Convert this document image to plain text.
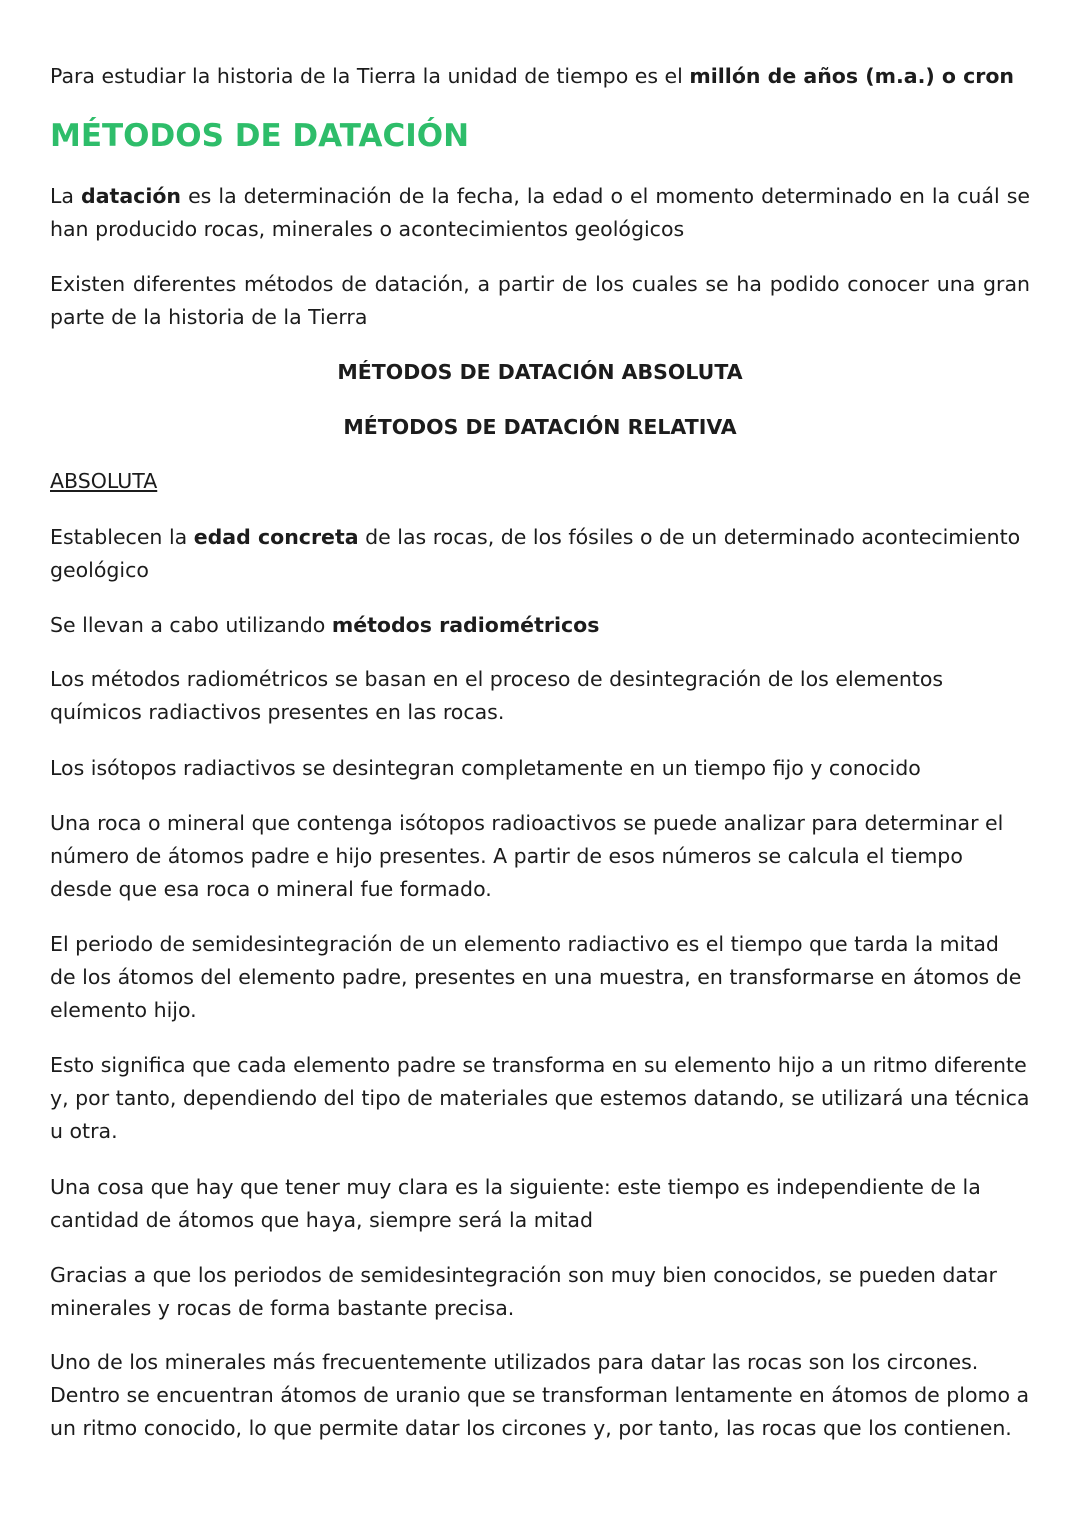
Para estudiar la historia de la Tierra la unidad de tiempo es el millón de años (m.a.) o cron

MÉTODOS DE DATACIÓN

La datación es la determinación de la fecha, la edad o el momento determinado en la cuál se han producido rocas, minerales o acontecimientos geológicos

Existen diferentes métodos de datación, a partir de los cuales se ha podido conocer una gran parte de la historia de la Tierra

MÉTODOS DE DATACIÓN ABSOLUTA

MÉTODOS DE DATACIÓN RELATIVA

ABSOLUTA

Establecen la edad concreta de las rocas, de los fósiles o de un determinado acontecimiento geológico

Se llevan a cabo utilizando métodos radiométricos

Los métodos radiométricos se basan en el proceso de desintegración de los elementos químicos radiactivos presentes en las rocas.

Los isótopos radiactivos se desintegran completamente en un tiempo fijo y conocido

Una roca o mineral que contenga isótopos radioactivos se puede analizar para determinar el número de átomos padre e hijo presentes. A partir de esos números se calcula el tiempo desde que esa roca o mineral fue formado.

El periodo de semidesintegración de un elemento radiactivo es el tiempo que tarda la mitad de los átomos del elemento padre, presentes en una muestra, en transformarse en átomos de elemento hijo.

Esto significa que cada elemento padre se transforma en su elemento hijo a un ritmo diferente y, por tanto, dependiendo del tipo de materiales que estemos datando, se utilizará una técnica u otra.

Una cosa que hay que tener muy clara es la siguiente: este tiempo es independiente de la cantidad de átomos que haya, siempre será la mitad

Gracias a que los periodos de semidesintegración son muy bien conocidos, se pueden datar minerales y rocas de forma bastante precisa.

Uno de los minerales más frecuentemente utilizados para datar las rocas son los circones. Dentro se encuentran átomos de uranio que se transforman lentamente en átomos de plomo a un ritmo conocido, lo que permite datar los circones y, por tanto, las rocas que los contienen.
